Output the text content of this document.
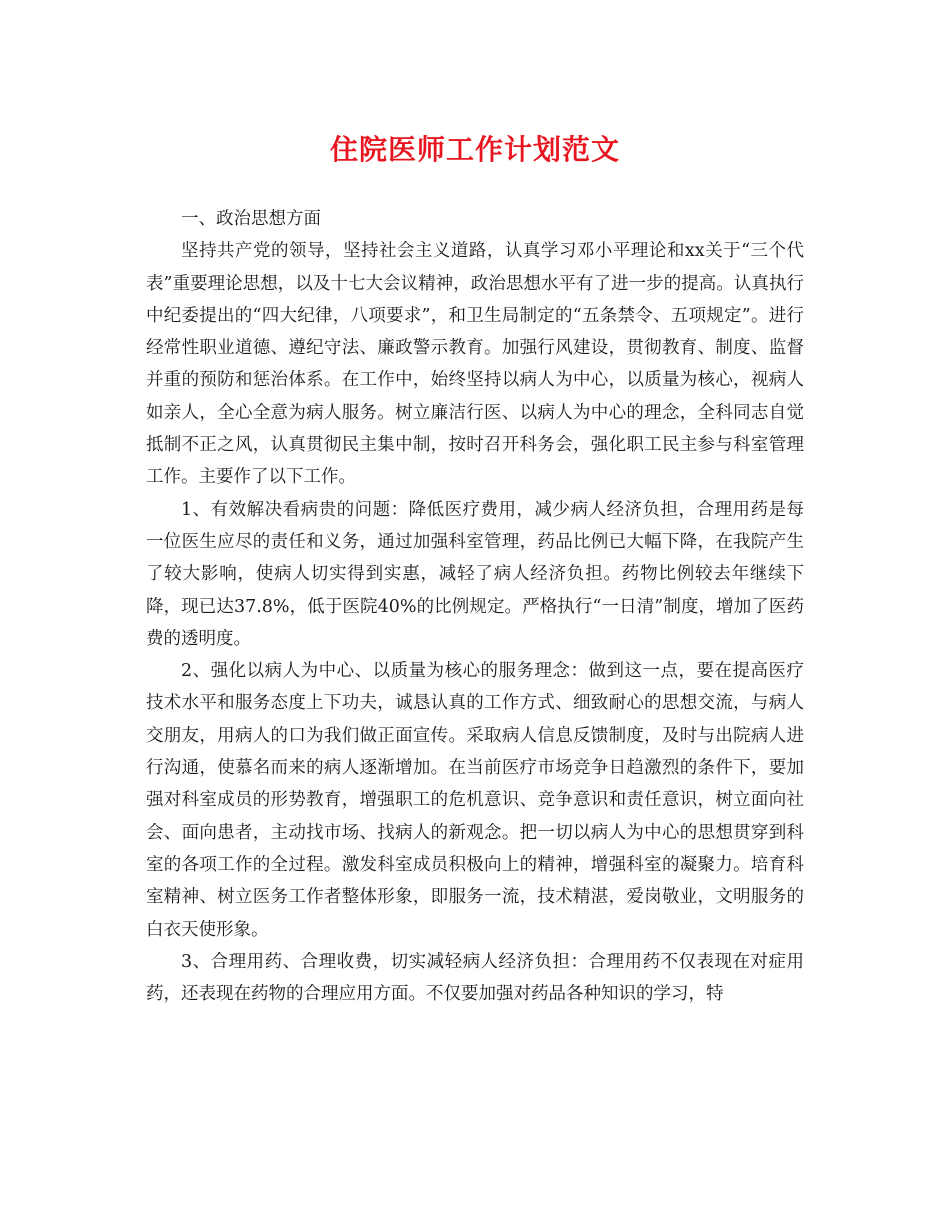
住院医师工作计划范文

一、政治思想方面

坚持共产党的领导，坚持社会主义道路，认真学习邓小平理论和xx关于“三个代表”重要理论思想，以及十七大会议精神，政治思想水平有了进一步的提高。认真执行中纪委提出的“四大纪律，八项要求”，和卫生局制定的“五条禁令、五项规定”。进行经常性职业道德、遵纪守法、廉政警示教育。加强行风建设，贯彻教育、制度、监督并重的预防和惩治体系。在工作中，始终坚持以病人为中心，以质量为核心，视病人如亲人，全心全意为病人服务。树立廉洁行医、以病人为中心的理念，全科同志自觉抵制不正之风，认真贯彻民主集中制，按时召开科务会，强化职工民主参与科室管理工作。主要作了以下工作。

1、有效解决看病贵的问题：降低医疗费用，减少病人经济负担，合理用药是每一位医生应尽的责任和义务，通过加强科室管理，药品比例已大幅下降，在我院产生了较大影响，使病人切实得到实惠，减轻了病人经济负担。药物比例较去年继续下降，现已达37.8%，低于医院40%的比例规定。严格执行“一日清”制度，增加了医药费的透明度。

2、强化以病人为中心、以质量为核心的服务理念：做到这一点，要在提高医疗技术水平和服务态度上下功夫，诚恳认真的工作方式、细致耐心的思想交流，与病人交朋友，用病人的口为我们做正面宣传。采取病人信息反馈制度，及时与出院病人进行沟通，使慕名而来的病人逐渐增加。在当前医疗市场竞争日趋激烈的条件下，要加强对科室成员的形势教育，增强职工的危机意识、竞争意识和责任意识，树立面向社会、面向患者，主动找市场、找病人的新观念。把一切以病人为中心的思想贯穿到科室的各项工作的全过程。激发科室成员积极向上的精神，增强科室的凝聚力。培育科室精神、树立医务工作者整体形象，即服务一流，技术精湛，爱岗敬业，文明服务的白衣天使形象。

3、合理用药、合理收费，切实减轻病人经济负担：合理用药不仅表现在对症用药，还表现在药物的合理应用方面。不仅要加强对药品各种知识的学习，特
